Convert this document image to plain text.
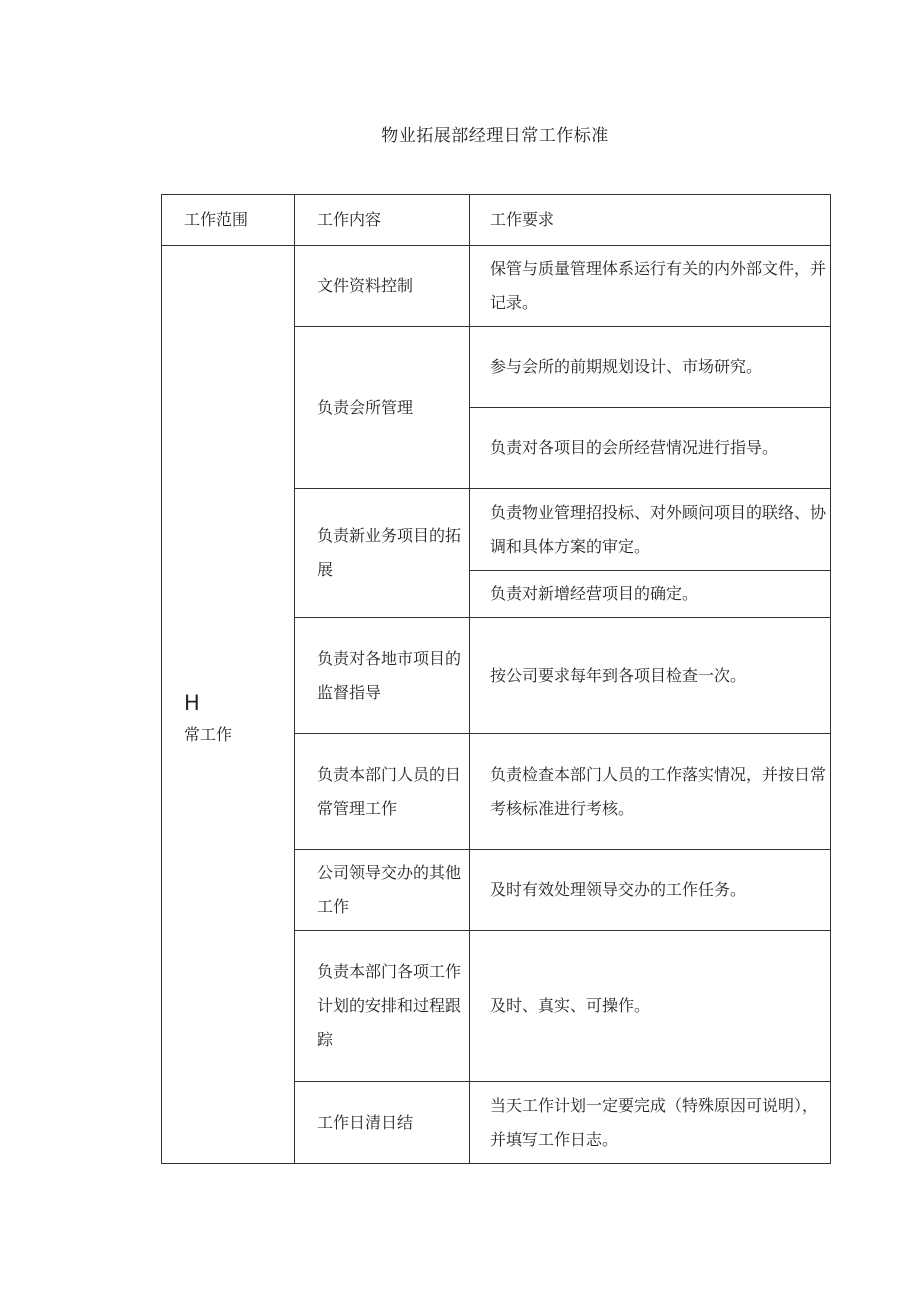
物业拓展部经理日常工作标准
工作范围	工作内容	工作要求

H
常工作	文件资料控制	保管与质量管理体系运行有关的内外部文件，并记录。
	负责会所管理	参与会所的前期规划设计、市场研究。
		负责对各项目的会所经营情况进行指导。
	负责新业务项目的拓展	负责物业管理招投标、对外顾问项目的联络、协调和具体方案的审定。
		负责对新增经营项目的确定。
	负责对各地市项目的监督指导	按公司要求每年到各项目检查一次。
	负责本部门人员的日常管理工作	负责检查本部门人员的工作落实情况，并按日常考核标准进行考核。
	公司领导交办的其他工作	及时有效处理领导交办的工作任务。
	负责本部门各项工作计划的安排和过程跟踪	及时、真实、可操作。
	工作日清日结	当天工作计划一定要完成（特殊原因可说明），并填写工作日志。
